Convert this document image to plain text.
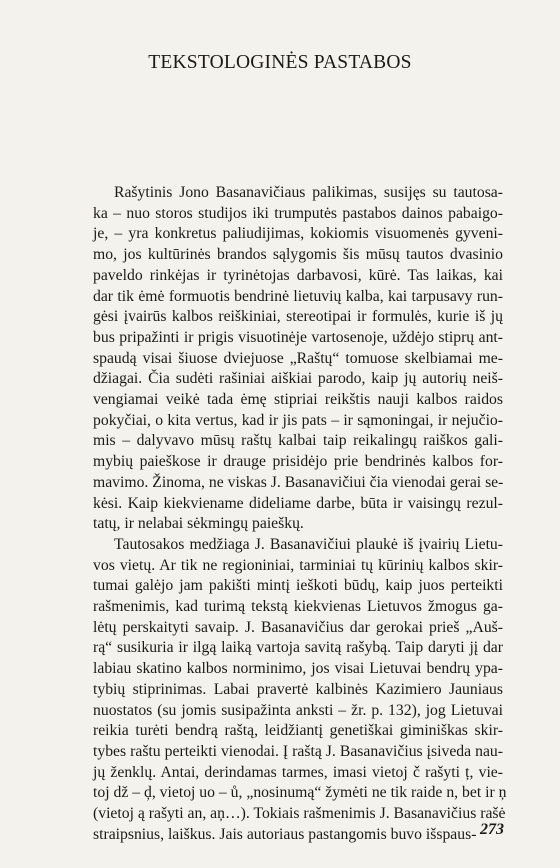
TEKSTOLOGINĖS PASTABOS
Rašytinis Jono Basanavičiaus palikimas, susijęs su tautosa-
ka – nuo storos studijos iki trumputės pastabos dainos pabaigo-
je, – yra konkretus paliudijimas, kokiomis visuomenės gyveni-
mo, jos kultūrinės brandos sąlygomis šis mūsų tautos dvasinio
paveldo rinkėjas ir tyrinėtojas darbavosi, kūrė. Tas laikas, kai
dar tik ėmė formuotis bendrinė lietuvių kalba, kai tarpusavy run-
gėsi įvairūs kalbos reiškiniai, stereotipai ir formulės, kurie iš jų
bus pripažinti ir prigis visuotinėje vartosenoje, uždėjo stiprų ant-
spaudą visai šiuose dviejuose „Raštų“ tomuose skelbiamai me-
džiagai. Čia sudėti rašiniai aiškiai parodo, kaip jų autorių neiš-
vengiamai veikė tada ėmę stipriai reikštis nauji kalbos raidos
pokyčiai, o kita vertus, kad ir jis pats – ir sąmoningai, ir nejučio-
mis – dalyvavo mūsų raštų kalbai taip reikalingų raiškos gali-
mybių paieškose ir drauge prisidėjo prie bendrinės kalbos for-
mavimo. Žinoma, ne viskas J. Basanavičiui čia vienodai gerai se-
kėsi. Kaip kiekviename dideliame darbe, būta ir vaisingų rezul-
tatų, ir nelabai sėkmingų paieškų.
Tautosakos medžiaga J. Basanavičiui plaukė iš įvairių Lietu-
vos vietų. Ar tik ne regioniniai, tarminiai tų kūrinių kalbos skir-
tumai galėjo jam pakišti mintį ieškoti būdų, kaip juos perteikti
rašmenimis, kad turimą tekstą kiekvienas Lietuvos žmogus ga-
lėtų perskaityti savaip. J. Basanavičius dar gerokai prieš „Auš-
rą“ susikuria ir ilgą laiką vartoja savitą rašybą. Taip daryti jį dar
labiau skatino kalbos norminimo, jos visai Lietuvai bendrų ypa-
tybių stiprinimas. Labai pravertė kalbinės Kazimiero Jauniaus
nuostatos (su jomis susipažinta anksti – žr. p. 132), jog Lietuvai
reikia turėti bendrą raštą, leidžiantį genetiškai giminiškas skir-
tybes raštu perteikti vienodai. Į raštą J. Basanavičius įsiveda nau-
jų ženklų. Antai, derindamas tarmes, imasi vietoj č rašyti ț, vie-
toj dž – ḑ, vietoj uo – ů, „nosinumą“ žymėti ne tik raide n, bet ir ņ
(vietoj ą rašyti an, aņ…). Tokiais rašmenimis J. Basanavičius rašė
straipsnius, laiškus. Jais autoriaus pastangomis buvo išspaus- 273
